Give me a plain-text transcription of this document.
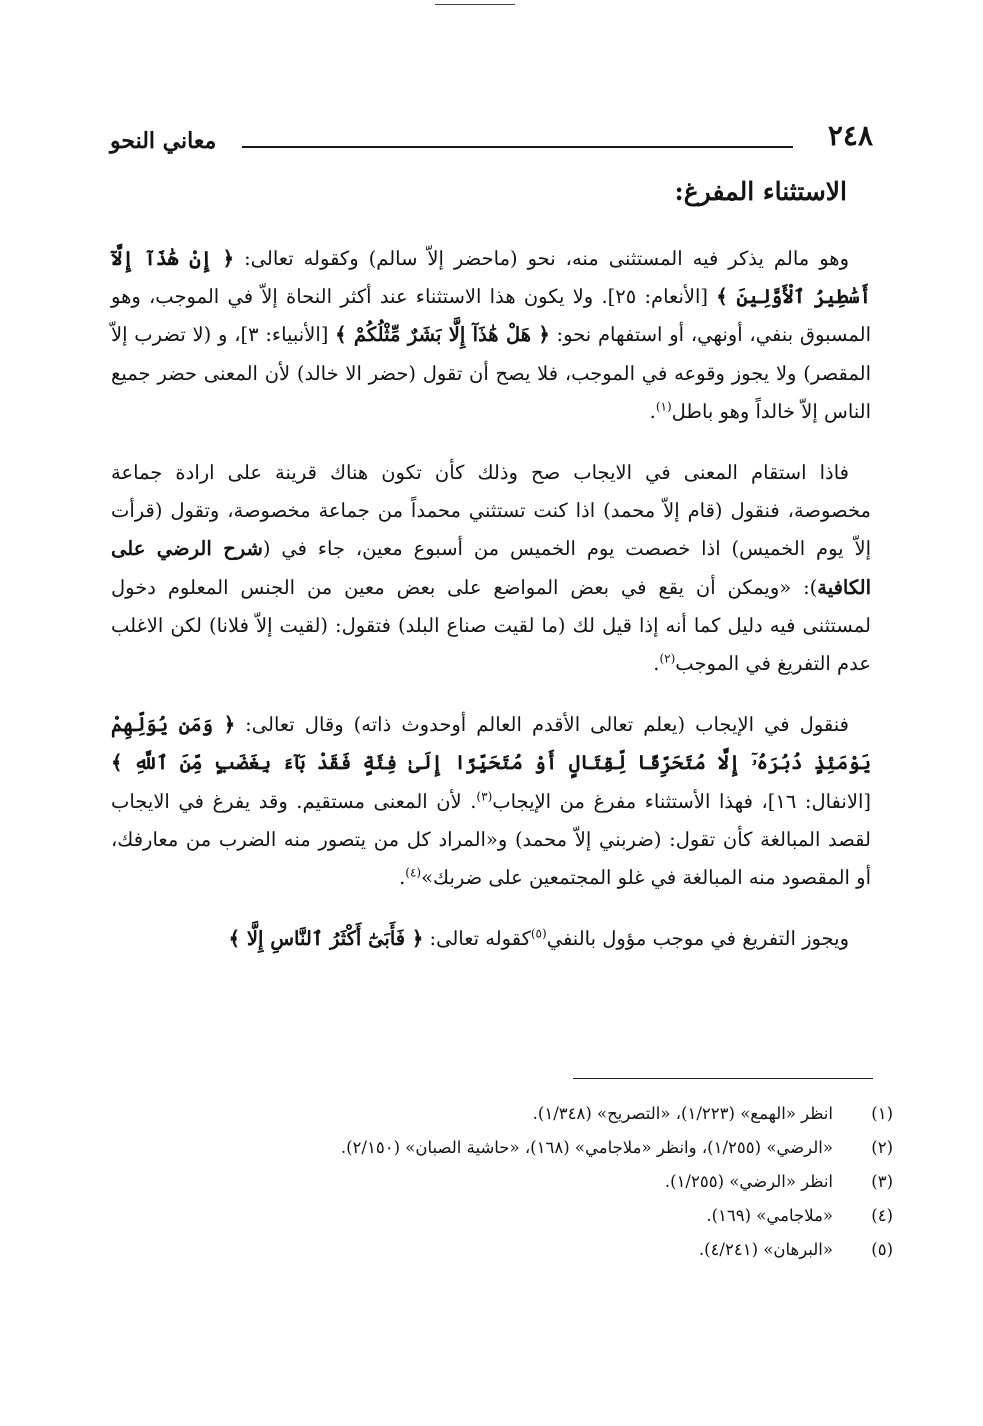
٢٤٨
معاني النحو
الاستثناء المفرغ:

وهو مالم يذكر فيه المستثنى منه، نحو (ماحضر إلاّ سالم) وكقوله تعالى: ﴿ إِنْ هَٰذَآ إِلَّآ أَسَٰطِيرُ ٱلْأَوَّلِينَ ﴾ [الأنعام: ٢٥]. ولا يكون هذا الاستثناء عند أكثر النحاة إلاّ في الموجب، وهو المسبوق بنفي، أونهي، أو استفهام نحو: ﴿ هَلْ هَٰذَآ إِلَّا بَشَرٌ مِّثْلُكُمْ ﴾ [الأنبياء: ٣]، و (لا تضرب إلاّ المقصر) ولا يجوز وقوعه في الموجب، فلا يصح أن تقول (حضر الا خالد) لأن المعنى حضر جميع الناس إلاّ خالداً وهو باطل$^{(١)}$.

فاذا استقام المعنى في الايجاب صح وذلك كأن تكون هناك قرينة على ارادة جماعة مخصوصة، فنقول (قام إلاّ محمد) اذا كنت تستثني محمداً من جماعة مخصوصة، وتقول (قرأت إلاّ يوم الخميس) اذا خصصت يوم الخميس من أسبوع معين، جاء في (شرح الرضي على الكافية): «ويمكن أن يقع في بعض المواضع على بعض معين من الجنس المعلوم دخول لمستثنى فيه دليل كما أنه إذا قيل لك (ما لقيت صناع البلد) فتقول: (لقيت إلاّ فلانا) لكن الاغلب عدم التفريغ في الموجب$^{(٢)}$.

فنقول في الإيجاب (يعلم تعالى الأقدم العالم أوحدوث ذاته) وقال تعالى: ﴿ وَمَن يُوَلِّهِمْ يَوْمَئِذٍ دُبُرَهُۥٓ إِلَّا مُتَحَرِّفًا لِّقِتَالٍ أَوْ مُتَحَيِّزًا إِلَىٰ فِئَةٍ فَقَدْ بَآءَ بِغَضَبٍ مِّنَ ٱللَّهِ ﴾ [الانفال: ١٦]، فهذا الأستثناء مفرغ من الإيجاب$^{(٣)}$. لأن المعنى مستقيم. وقد يفرغ في الايجاب لقصد المبالغة كأن تقول: (ضربني إلاّ محمد) و«المراد كل من يتصور منه الضرب من معارفك، أو المقصود منه المبالغة في غلو المجتمعين على ضربك»$^{(٤)}$.

ويجوز التفريغ في موجب مؤول بالنفي$^{(٥)}$كقوله تعالى: ﴿ فَأَبَىٰٓ أَكْثَرُ ٱلنَّاسِ إِلَّا ﴾

(١)انظر «الهمع» (١/٢٢٣)، «التصريح» (١/٣٤٨).
(٢)«الرضي» (١/٢٥٥)، وانظر «ملاجامي» (١٦٨)، «حاشية الصبان» (٢/١٥٠).
(٣)انظر «الرضي» (١/٢٥٥).
(٤)«ملاجامي» (١٦٩).
(٥)«البرهان» (٤/٢٤١).
